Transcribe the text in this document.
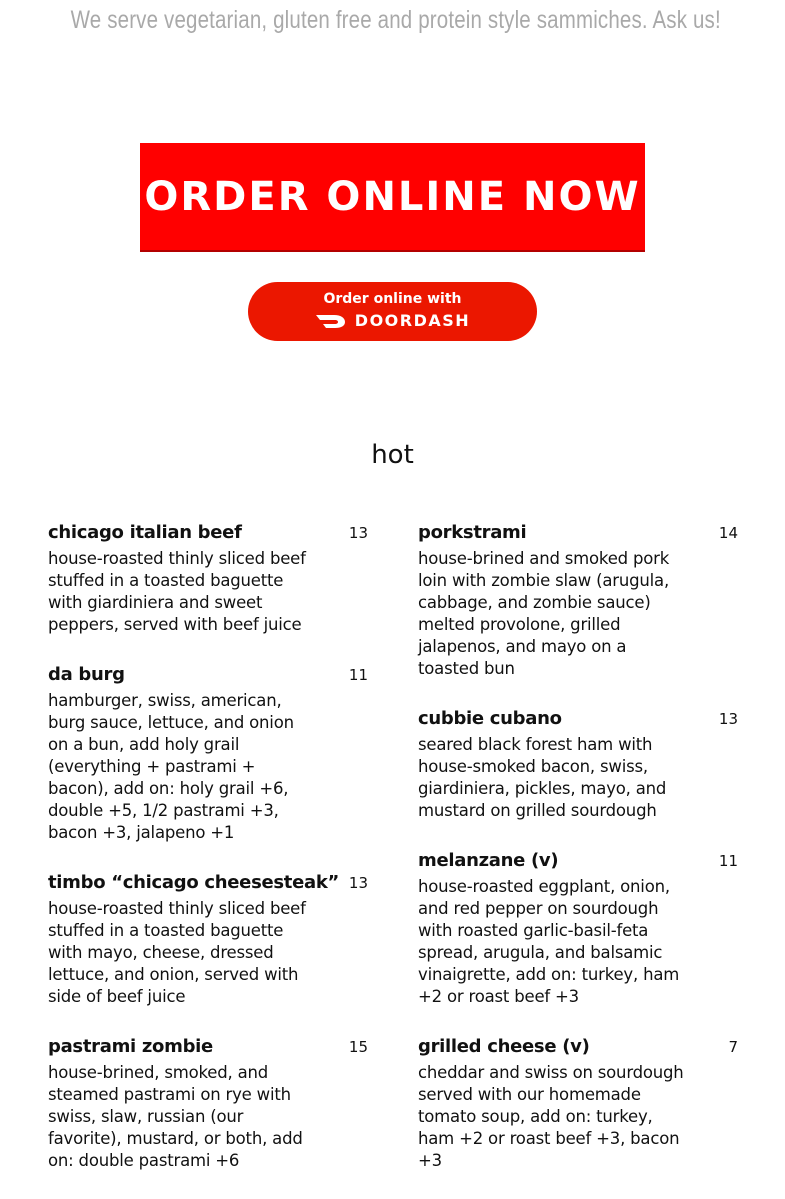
We serve vegetarian, gluten free and protein style sammiches. Ask us!
ORDER ONLINE NOW
Order online with
DOORDASH
hot
chicago italian beef	13
house-roasted thinly sliced beef stuffed in a toasted baguette with giardiniera and sweet peppers, served with beef juice
da burg	11
hamburger, swiss, american, burg sauce, lettuce, and onion on a bun, add holy grail (everything + pastrami + bacon), add on: holy grail +6, double +5, 1/2 pastrami +3, bacon +3, jalapeno +1
timbo “chicago cheesesteak” 13
house-roasted thinly sliced beef stuffed in a toasted baguette with mayo, cheese, dressed lettuce, and onion, served with side of beef juice
pastrami zombie	15
house-brined, smoked, and steamed pastrami on rye with swiss, slaw, russian (our favorite), mustard, or both, add on: double pastrami +6
porkstrami	14
house-brined and smoked pork loin with zombie slaw (arugula, cabbage, and zombie sauce) melted provolone, grilled jalapenos, and mayo on a toasted bun
cubbie cubano	13
seared black forest ham with house-smoked bacon, swiss, giardiniera, pickles, mayo, and mustard on grilled sourdough
melanzane (v)	11
house-roasted eggplant, onion, and red pepper on sourdough with roasted garlic-basil-feta spread, arugula, and balsamic vinaigrette, add on: turkey, ham +2 or roast beef +3
grilled cheese (v)	7
cheddar and swiss on sourdough served with our homemade tomato soup, add on: turkey, ham +2 or roast beef +3, bacon +3
